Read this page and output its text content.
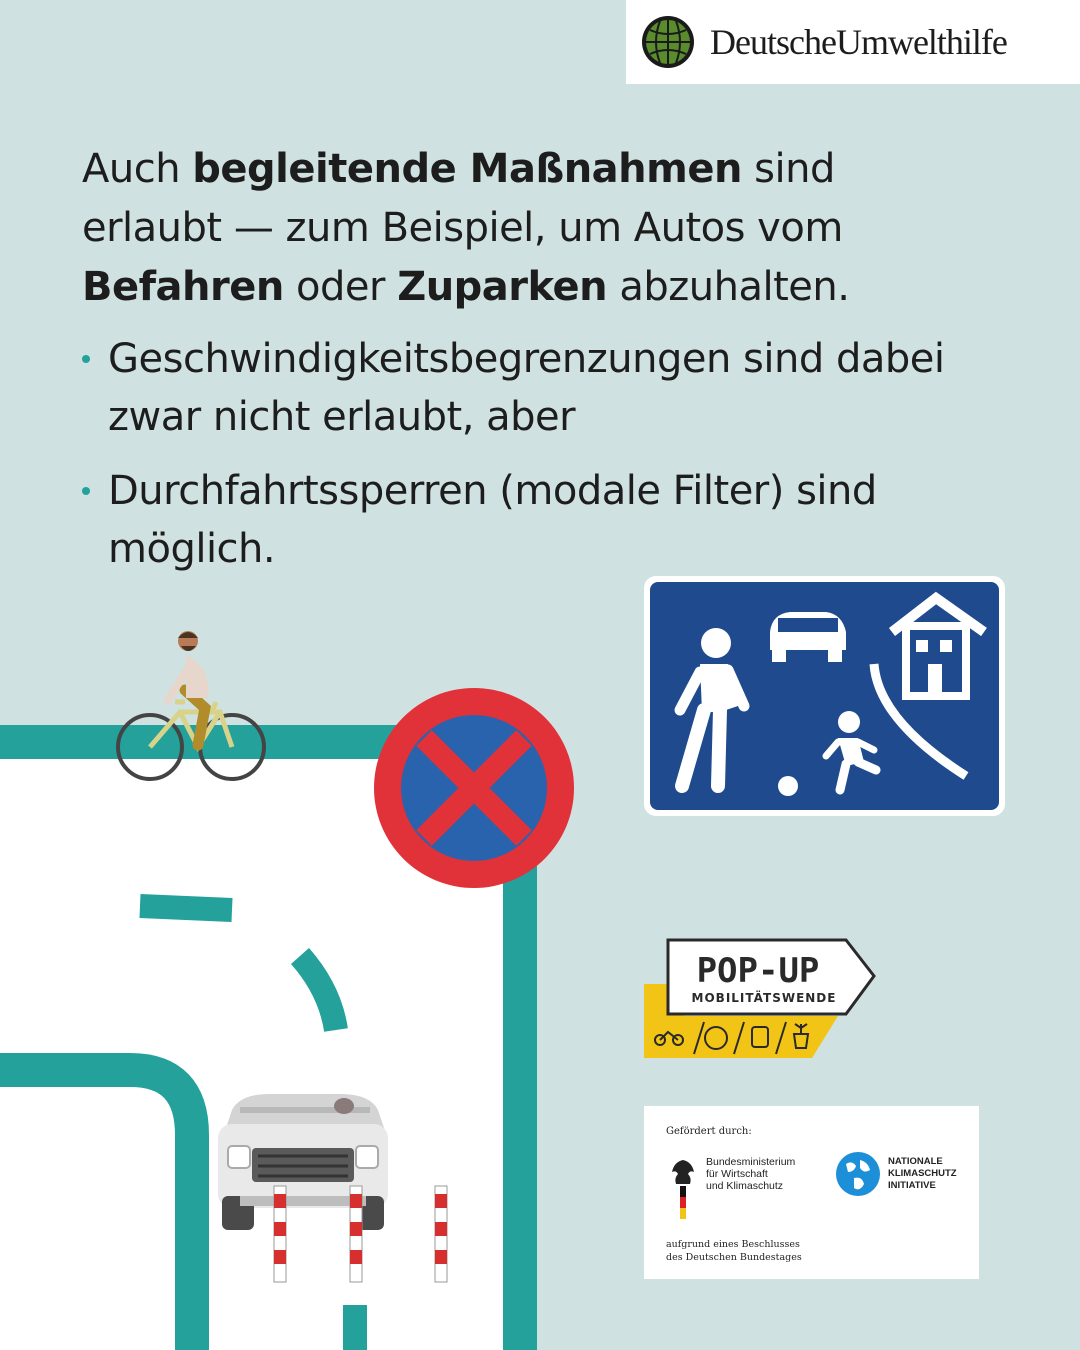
POP-UP
MOBILITÄTSWENDE
DeutscheUmwelthilfe
Auch begleitende Maßnahmen sind erlaubt — zum Beispiel, um Autos vom Befahren oder Zuparken abzuhalten.
Geschwindigkeitsbegrenzungen sind dabei zwar nicht erlaubt, aber
Durchfahrtssperren (modale Filter) sind möglich.
Gefördert durch:
Bundesministerium
für Wirtschaft
und Klimaschutz
NATIONALE
KLIMASCHUTZ
INITIATIVE
aufgrund eines Beschlusses
des Deutschen Bundestages
